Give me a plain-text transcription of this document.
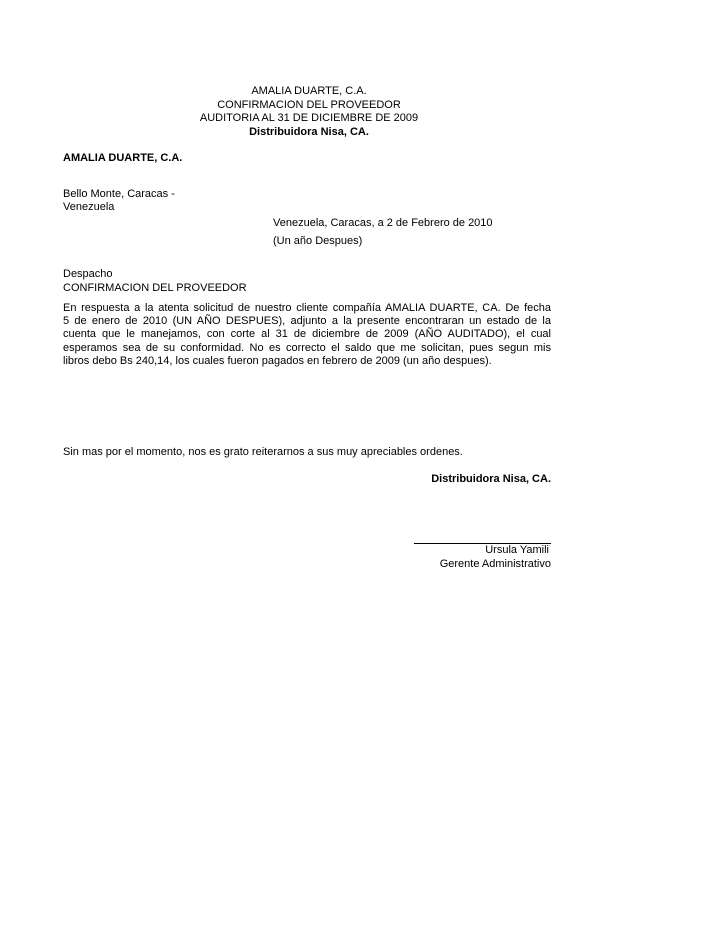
AMALIA DUARTE, C.A.
CONFIRMACION DEL PROVEEDOR
AUDITORIA AL 31 DE DICIEMBRE DE 2009
Distribuidora Nisa, CA.
AMALIA DUARTE, C.A.
Bello Monte, Caracas -
Venezuela
Venezuela, Caracas, a 2 de Febrero de 2010
(Un año Despues)
Despacho
CONFIRMACION DEL PROVEEDOR
En respuesta a la atenta solicitud de nuestro cliente compañía AMALIA DUARTE, CA. De fecha
5 de enero de 2010 (UN AÑO DESPUES), adjunto a la presente encontraran un estado de la
cuenta que le manejamos, con corte al 31 de diciembre de 2009 (AÑO AUDITADO), el cual
esperamos sea de su conformidad. No es correcto el saldo que me solicitan, pues segun mis
libros debo Bs 240,14, los cuales fueron pagados en febrero de 2009 (un año despues).
Sin mas por el momento, nos es grato reiterarnos a sus muy apreciables ordenes.
Distribuidora Nisa, CA.
Ursula Yamili
Gerente Administrativo
